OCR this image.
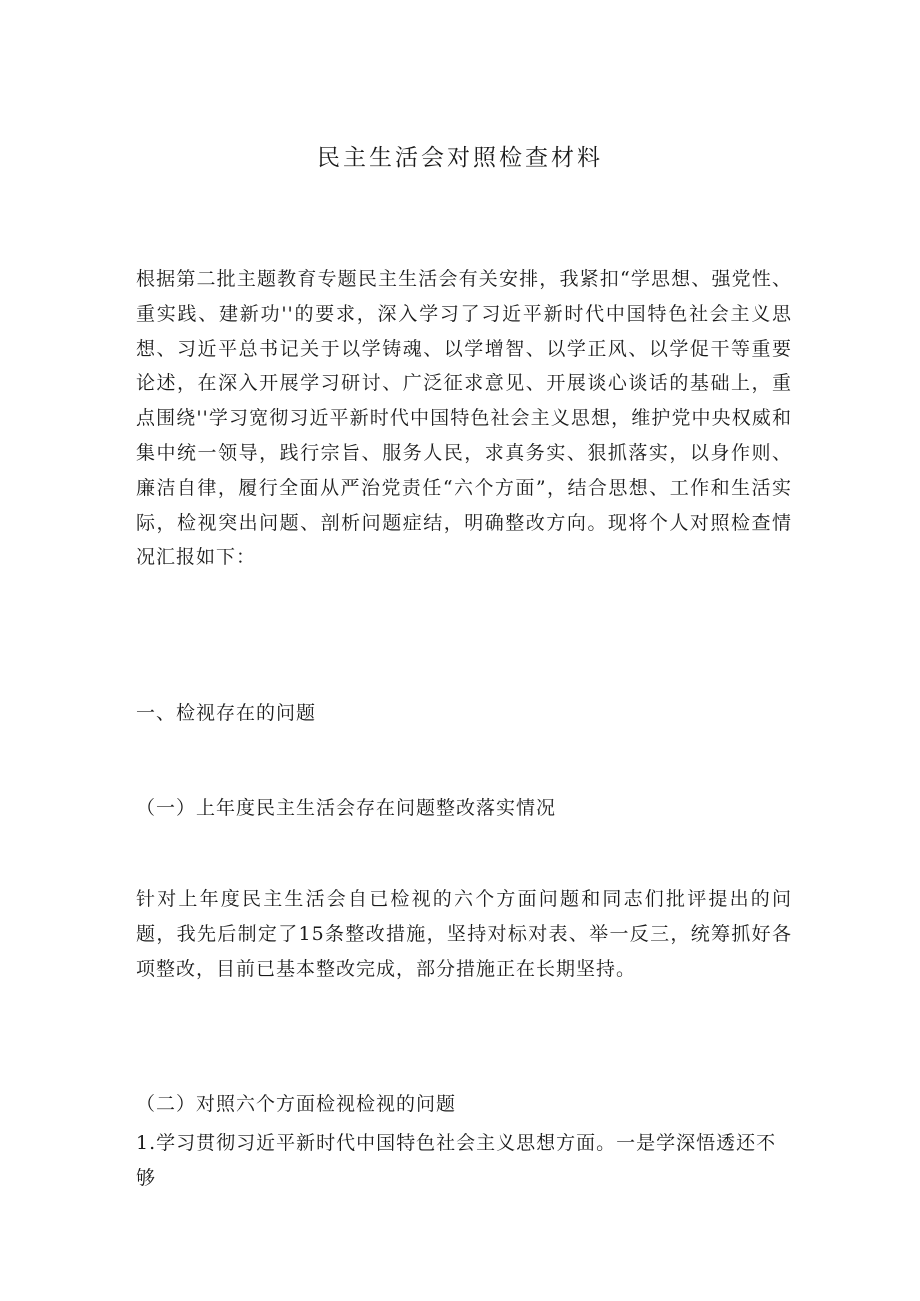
民主生活会对照检查材料

根据第二批主题教育专题民主生活会有关安排，我紧扣“学思想、强党性、重实践、建新功''的要求，深入学习了习近平新时代中国特色社会主义思想、习近平总书记关于以学铸魂、以学增智、以学正风、以学促干等重要论述，在深入开展学习研讨、广泛征求意见、开展谈心谈话的基础上，重点围绕''学习宽彻习近平新时代中国特色社会主义思想，维护党中央权威和集中统一领导，践行宗旨、服务人民，求真务实、狠抓落实，以身作则、廉洁自律，履行全面从严治党责任“六个方面”，结合思想、工作和生活实际，检视突出问题、剖析问题症结，明确整改方向。现将个人对照检查情况汇报如下：

一、检视存在的问题

（一）上年度民主生活会存在问题整改落实情况

针对上年度民主生活会自已检视的六个方面问题和同志们批评提出的问题，我先后制定了15条整改措施，坚持对标对表、举一反三，统筹抓好各项整改，目前已基本整改完成，部分措施正在长期坚持。

（二）对照六个方面检视检视的问题

1.学习贯彻习近平新时代中国特色社会主义思想方面。一是学深悟透还不够
